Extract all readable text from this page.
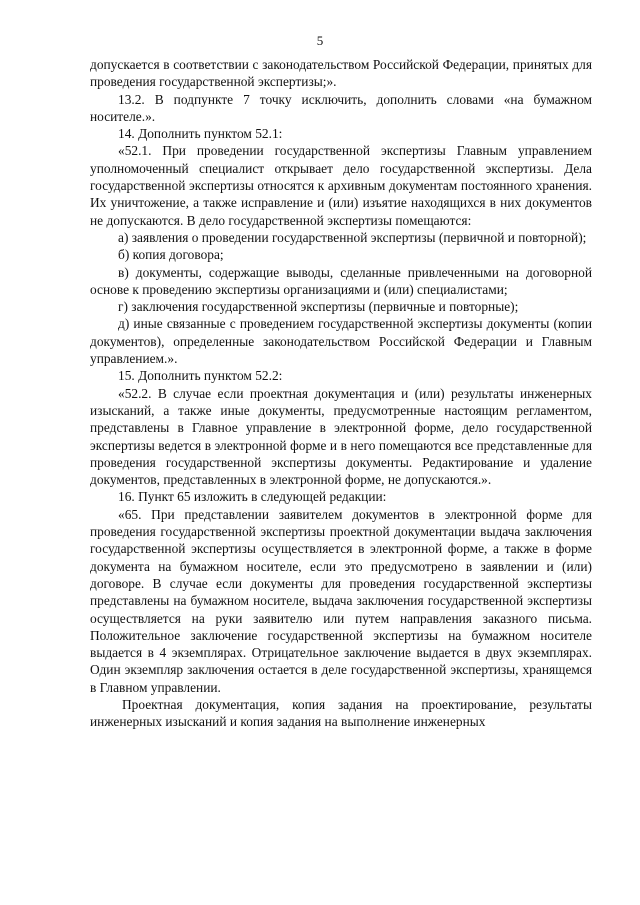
5

допускается в соответствии с законодательством Российской Федерации, принятых для проведения государственной экспертизы;».

13.2. В подпункте 7 точку исключить, дополнить словами «на бумажном носителе.».

14. Дополнить пунктом 52.1:

«52.1. При проведении государственной экспертизы Главным управлением уполномоченный специалист открывает дело государственной экспертизы. Дела государственной экспертизы относятся к архивным документам постоянного хранения. Их уничтожение, а также исправление и (или) изъятие находящихся в них документов не допускаются. В дело государственной экспертизы помещаются:

а) заявления о проведении государственной экспертизы (первичной и повторной);

б) копия договора;

в) документы, содержащие выводы, сделанные привлеченными на договорной основе к проведению экспертизы организациями и (или) специалистами;

г) заключения государственной экспертизы (первичные и повторные);

д) иные связанные с проведением государственной экспертизы документы (копии документов), определенные законодательством Российской Федерации и Главным управлением.».

15. Дополнить пунктом 52.2:

«52.2. В случае если проектная документация и (или) результаты инженерных изысканий, а также иные документы, предусмотренные настоящим регламентом, представлены в Главное управление в электронной форме, дело государственной экспертизы ведется в электронной форме и в него помещаются все представленные для проведения государственной экспертизы документы. Редактирование и удаление документов, представленных в электронной форме, не допускаются.».

16. Пункт 65 изложить в следующей редакции:

«65. При представлении заявителем документов в электронной форме для проведения государственной экспертизы проектной документации выдача заключения государственной экспертизы осуществляется в электронной форме, а также в форме документа на бумажном носителе, если это предусмотрено в заявлении и (или) договоре. В случае если документы для проведения государственной экспертизы представлены на бумажном носителе, выдача заключения государственной экспертизы осуществляется на руки заявителю или путем направления заказного письма. Положительное заключение государственной экспертизы на бумажном носителе выдается в 4 экземплярах. Отрицательное заключение выдается в двух экземплярах. Один экземпляр заключения остается в деле государственной экспертизы, хранящемся в Главном управлении.

Проектная документация, копия задания на проектирование, результаты инженерных изысканий и копия задания на выполнение инженерных
